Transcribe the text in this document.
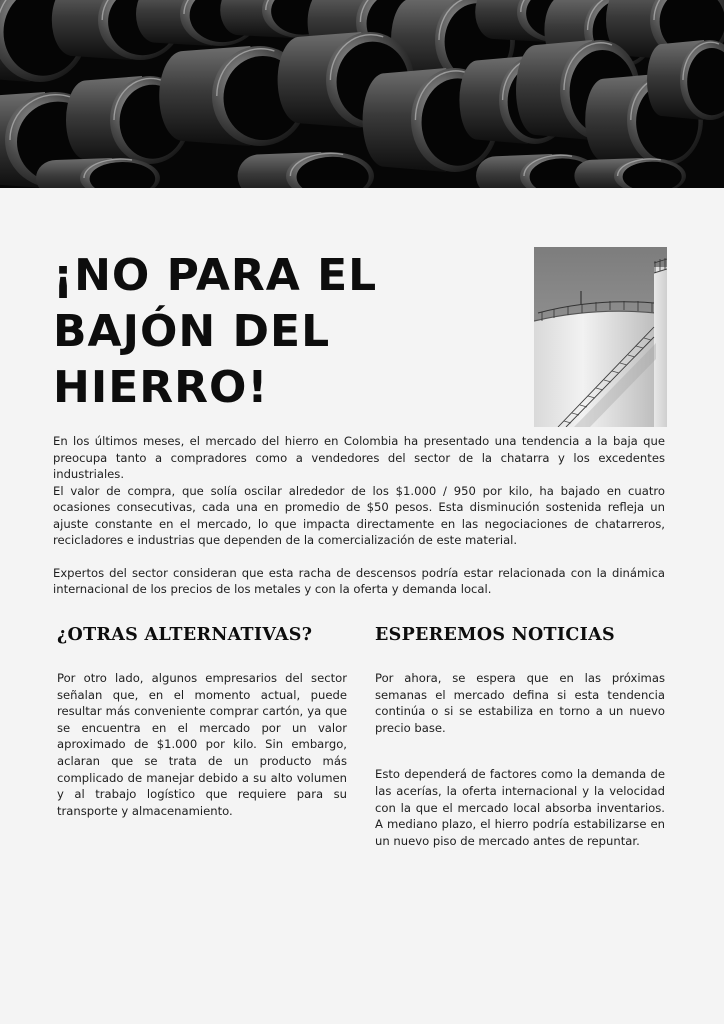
¡NO PARA EL
BAJÓN DEL
HIERRO!

En los últimos meses, el mercado del hierro en Colombia ha presentado una tendencia a la baja que preocupa tanto a compradores como a vendedores del sector de la chatarra y los excedentes industriales.

El valor de compra, que solía oscilar alrededor de los $1.000 / 950 por kilo, ha bajado en cuatro ocasiones consecutivas, cada una en promedio de $50 pesos. Esta disminución sostenida refleja un ajuste constante en el mercado, lo que impacta directamente en las negociaciones de chatarreros, recicladores e industrias que dependen de la comercialización de este material.

Expertos del sector consideran que esta racha de descensos podría estar relacionada con la dinámica internacional de los precios de los metales y con la oferta y demanda local.

¿OTRAS ALTERNATIVAS?

Por otro lado, algunos empresarios del sector señalan que, en el momento actual, puede resultar más conveniente comprar cartón, ya que se encuentra en el mercado por un valor aproximado de $1.000 por kilo. Sin embargo, aclaran que se trata de un producto más complicado de manejar debido a su alto volumen y al trabajo logístico que requiere para su transporte y almacenamiento.

ESPEREMOS NOTICIAS

Por ahora, se espera que en las próximas semanas el mercado defina si esta tendencia continúa o si se estabiliza en torno a un nuevo precio base.

Esto dependerá de factores como la demanda de las acerías, la oferta internacional y la velocidad con la que el mercado local absorba inventarios. A mediano plazo, el hierro podría estabilizarse en un nuevo piso de mercado antes de repuntar.
